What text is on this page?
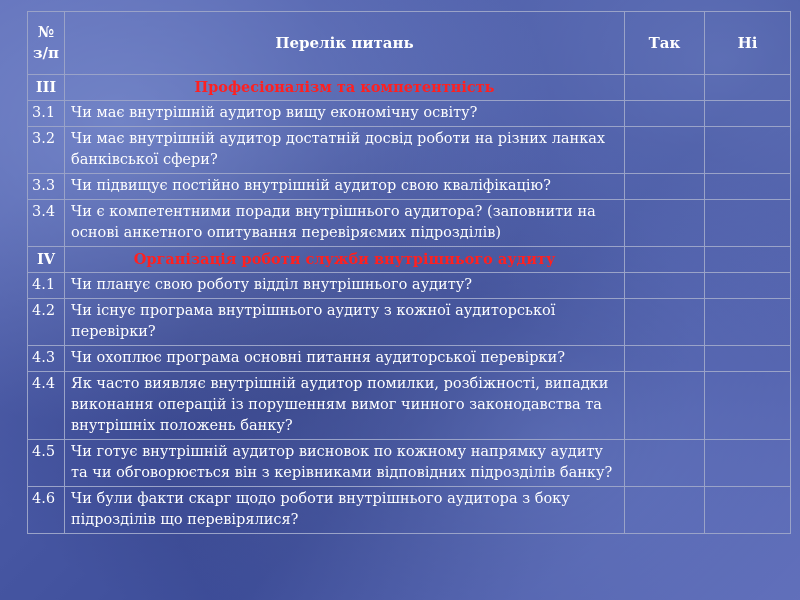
№ з/п	Перелік питань	Так	Ні
ІІІ	Професіоналізм та компетентність		
3.1	Чи має внутрішній аудитор вищу економічну освіту?		
3.2	Чи має внутрішній аудитор достатній досвід роботи на різних ланках банківської сфери?		
3.3	Чи підвищує постійно внутрішній аудитор свою кваліфікацію?		
3.4	Чи є компетентними поради внутрішнього аудитора? (заповнити на основі анкетного опитування перевіряємих підрозділів)		
ІV	Організація роботи служби внутрішнього аудиту		
4.1	Чи планує свою роботу відділ внутрішнього аудиту?		
4.2	Чи існує програма внутрішнього аудиту з кожної аудиторської перевірки?		
4.3	Чи охоплює програма основні питання аудиторської перевірки?		
4.4	Як часто виявляє внутрішній аудитор помилки, розбіжності, випадки виконання операцій із порушенням вимог чинного законодавства та внутрішніх положень банку?		
4.5	Чи готує внутрішній аудитор висновок по кожному напрямку аудиту та чи обговорюється він з керівниками відповідних підрозділів банку?		
4.6	Чи були факти скарг щодо роботи внутрішнього аудитора з боку підрозділів що перевірялися?		
